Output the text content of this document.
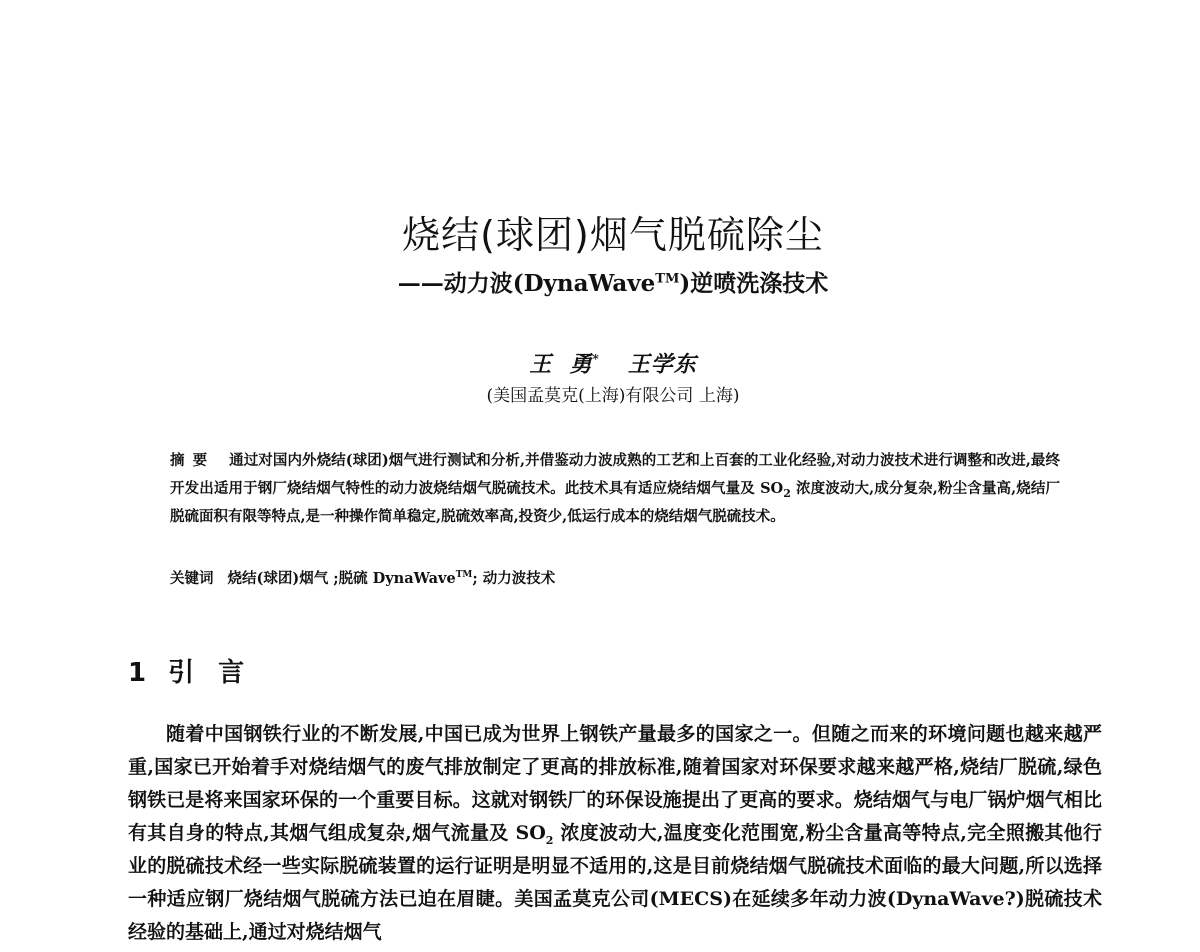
烧结(球团)烟气脱硫除尘
——动力波(DynaWave™)逆喷洗涤技术
王  勇* 王学东
(美国孟莫克(上海)有限公司 上海)
摘要 通过对国内外烧结(球团)烟气进行测试和分析,并借鉴动力波成熟的工艺和上百套的工业化经验,对动力波技术进行调整和改进,最终开发出适用于钢厂烧结烟气特性的动力波烧结烟气脱硫技术。此技术具有适应烧结烟气量及 $SO_2$ 浓度波动大,成分复杂,粉尘含量高,烧结厂脱硫面积有限等特点,是一种操作简单稳定,脱硫效率高,投资少,低运行成本的烧结烟气脱硫技术。
关键词 烧结(球团)烟气 ;脱硫 DynaWave™; 动力波技术
1 引 言
随着中国钢铁行业的不断发展,中国已成为世界上钢铁产量最多的国家之一。但随之而来的环境问题也越来越严重,国家已开始着手对烧结烟气的废气排放制定了更高的排放标准,随着国家对环保要求越来越严格,烧结厂脱硫,绿色钢铁已是将来国家环保的一个重要目标。这就对钢铁厂的环保设施提出了更高的要求。烧结烟气与电厂锅炉烟气相比有其自身的特点,其烟气组成复杂,烟气流量及 $SO_2$ 浓度波动大,温度变化范围宽,粉尘含量高等特点,完全照搬其他行业的脱硫技术经一些实际脱硫装置的运行证明是明显不适用的,这是目前烧结烟气脱硫技术面临的最大问题,所以选择一种适应钢厂烧结烟气脱硫方法已迫在眉睫。美国孟莫克公司(MECS)在延续多年动力波(DynaWave?)脱硫技术经验的基础上,通过对烧结烟气
